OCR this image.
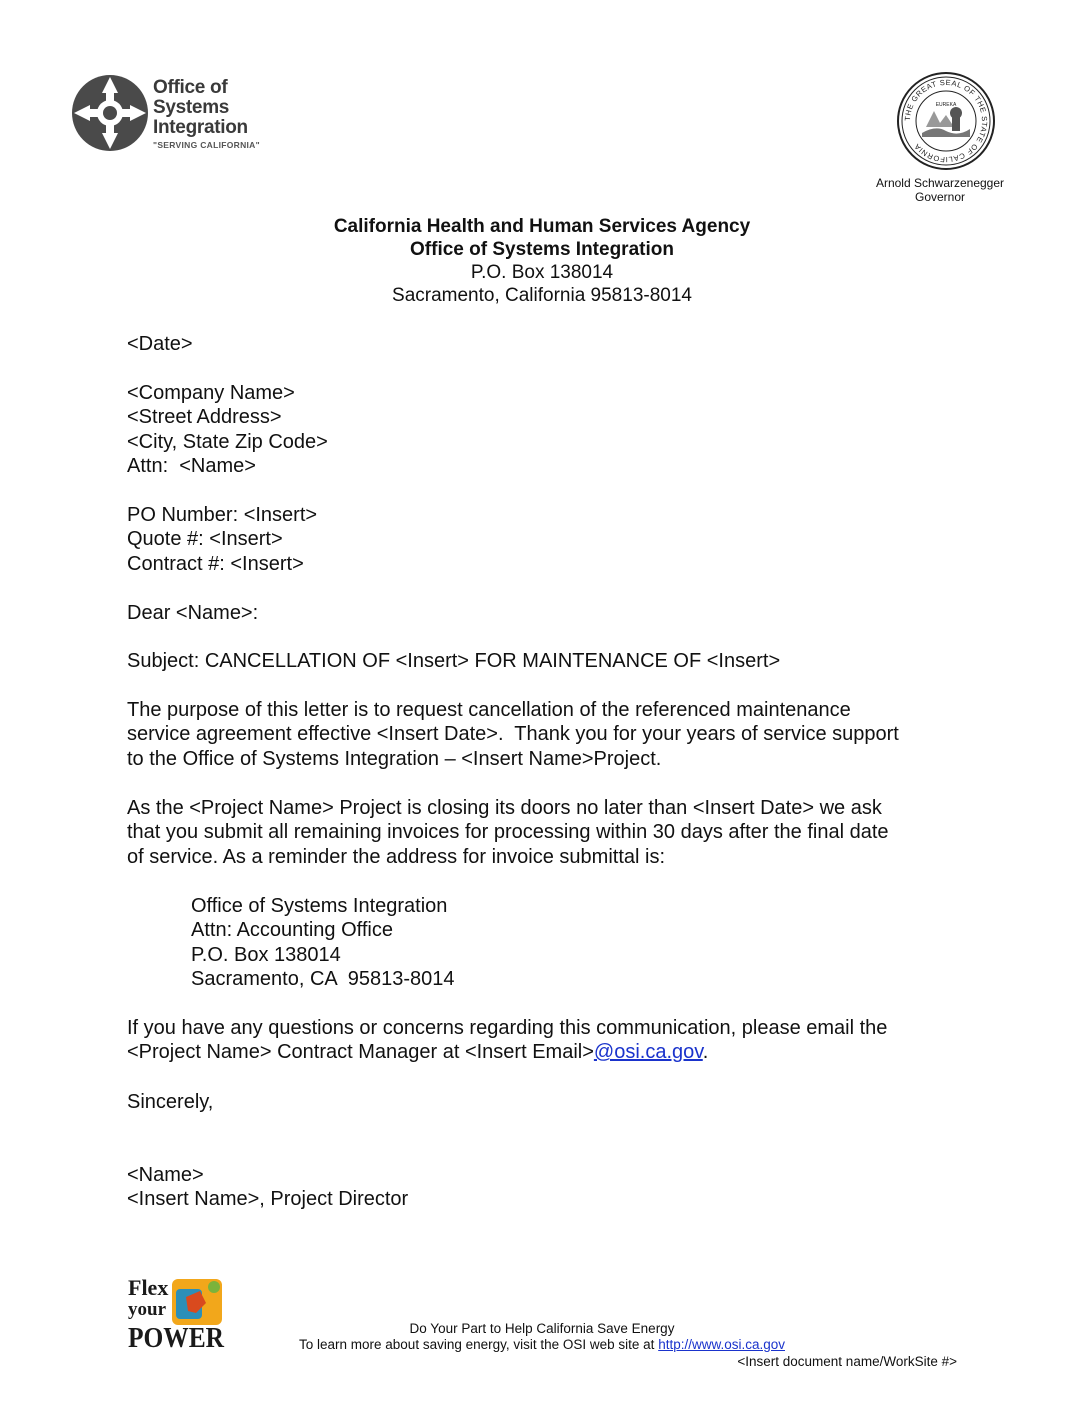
Office of
Systems
Integration
"SERVING CALIFORNIA"
THE GREAT SEAL OF THE STATE OF CALIFORNIA
EUREKA
Arnold Schwarzenegger
Governor
California Health and Human Services Agency
Office of Systems Integration
P.O. Box 138014
Sacramento, California 95813-8014

<Date>

<Company Name>

<Street Address>

<City, State Zip Code>

Attn:  <Name>

PO Number: <Insert>

Quote #: <Insert>

Contract #: <Insert>

Dear <Name>:

Subject: CANCELLATION OF <Insert> FOR MAINTENANCE OF <Insert>

The purpose of this letter is to request cancellation of the referenced maintenance

service agreement effective <Insert Date>.  Thank you for your years of service support

to the Office of Systems Integration – <Insert Name>Project.

As the <Project Name> Project is closing its doors no later than <Insert Date> we ask

that you submit all remaining invoices for processing within 30 days after the final date

of service. As a reminder the address for invoice submittal is:

Office of Systems Integration

Attn: Accounting Office

P.O. Box 138014

Sacramento, CA  95813-8014

If you have any questions or concerns regarding this communication, please email the

<Project Name> Contract Manager at <Insert Email>@osi.ca.gov.

Sincerely,

<Name>

<Insert Name>, Project Director

Flex
your
POWER	Do Your Part to Help California Save Energy
To learn more about saving energy, visit the OSI web site at http://www.osi.ca.gov
<Insert document name/WorkSite #>
